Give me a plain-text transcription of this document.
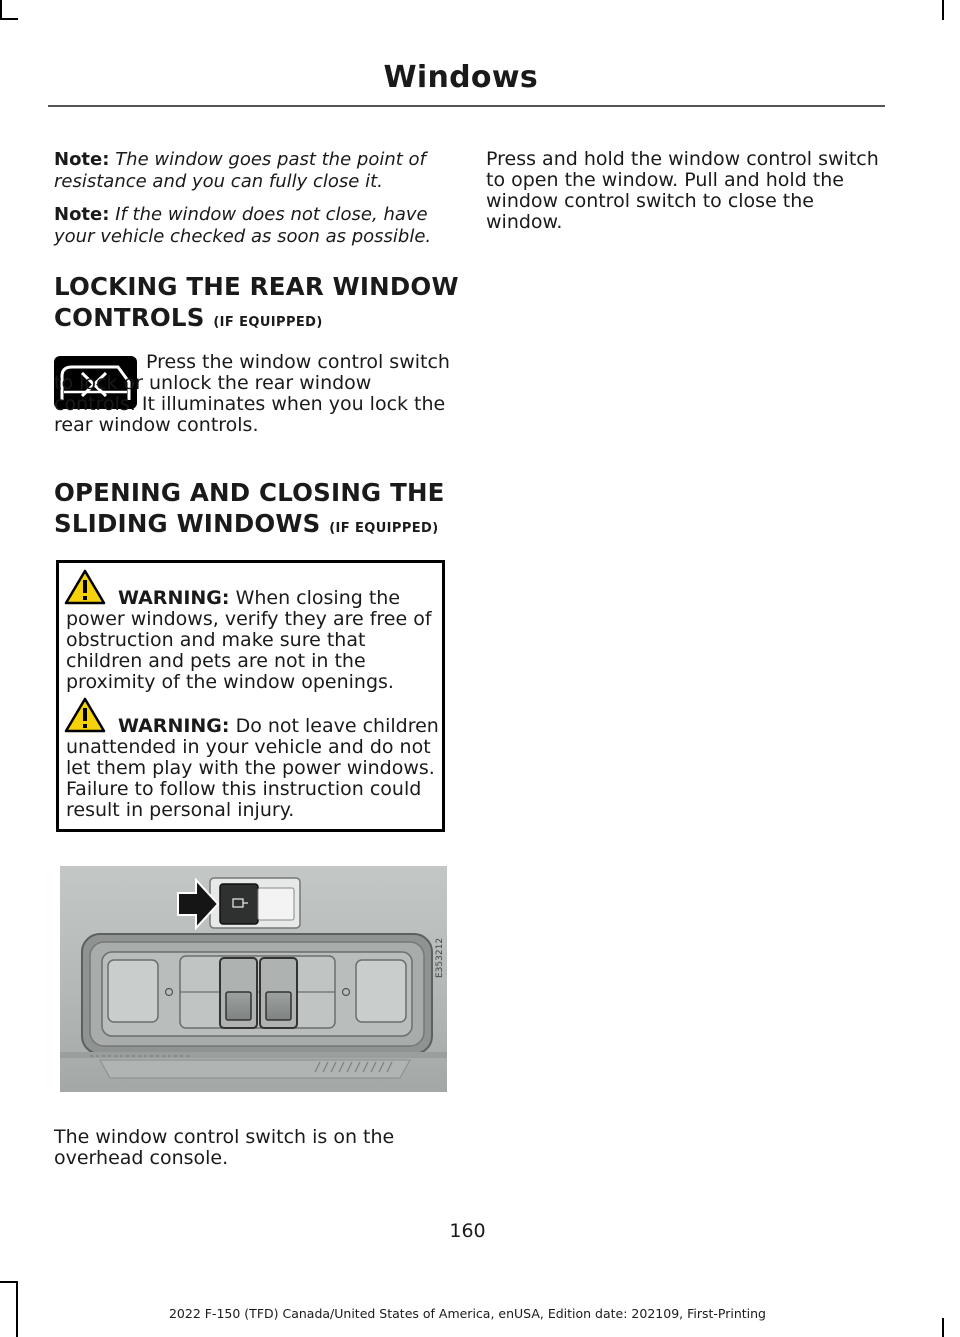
Windows
Note: The window goes past the point of resistance and you can fully close it.
Note: If the window does not close, have your vehicle checked as soon as possible.
LOCKING THE REAR WINDOW
CONTROLS (IF EQUIPPED)
Press the window control switch to lock or unlock the rear window controls. It illuminates when you lock the rear window controls.
OPENING AND CLOSING THE
SLIDING WINDOWS (IF EQUIPPED)
WARNING: When closing the power windows, verify they are free of obstruction and make sure that children and pets are not in the proximity of the window openings.
WARNING: Do not leave children unattended in your vehicle and do not let them play with the power windows. Failure to follow this instruction could result in personal injury.
E353212
The window control switch is on the overhead console.
Press and hold the window control switch to open the window. Pull and hold the window control switch to close the window.
160
2022 F-150 (TFD) Canada/United States of America, enUSA, Edition date: 202109, First-Printing
